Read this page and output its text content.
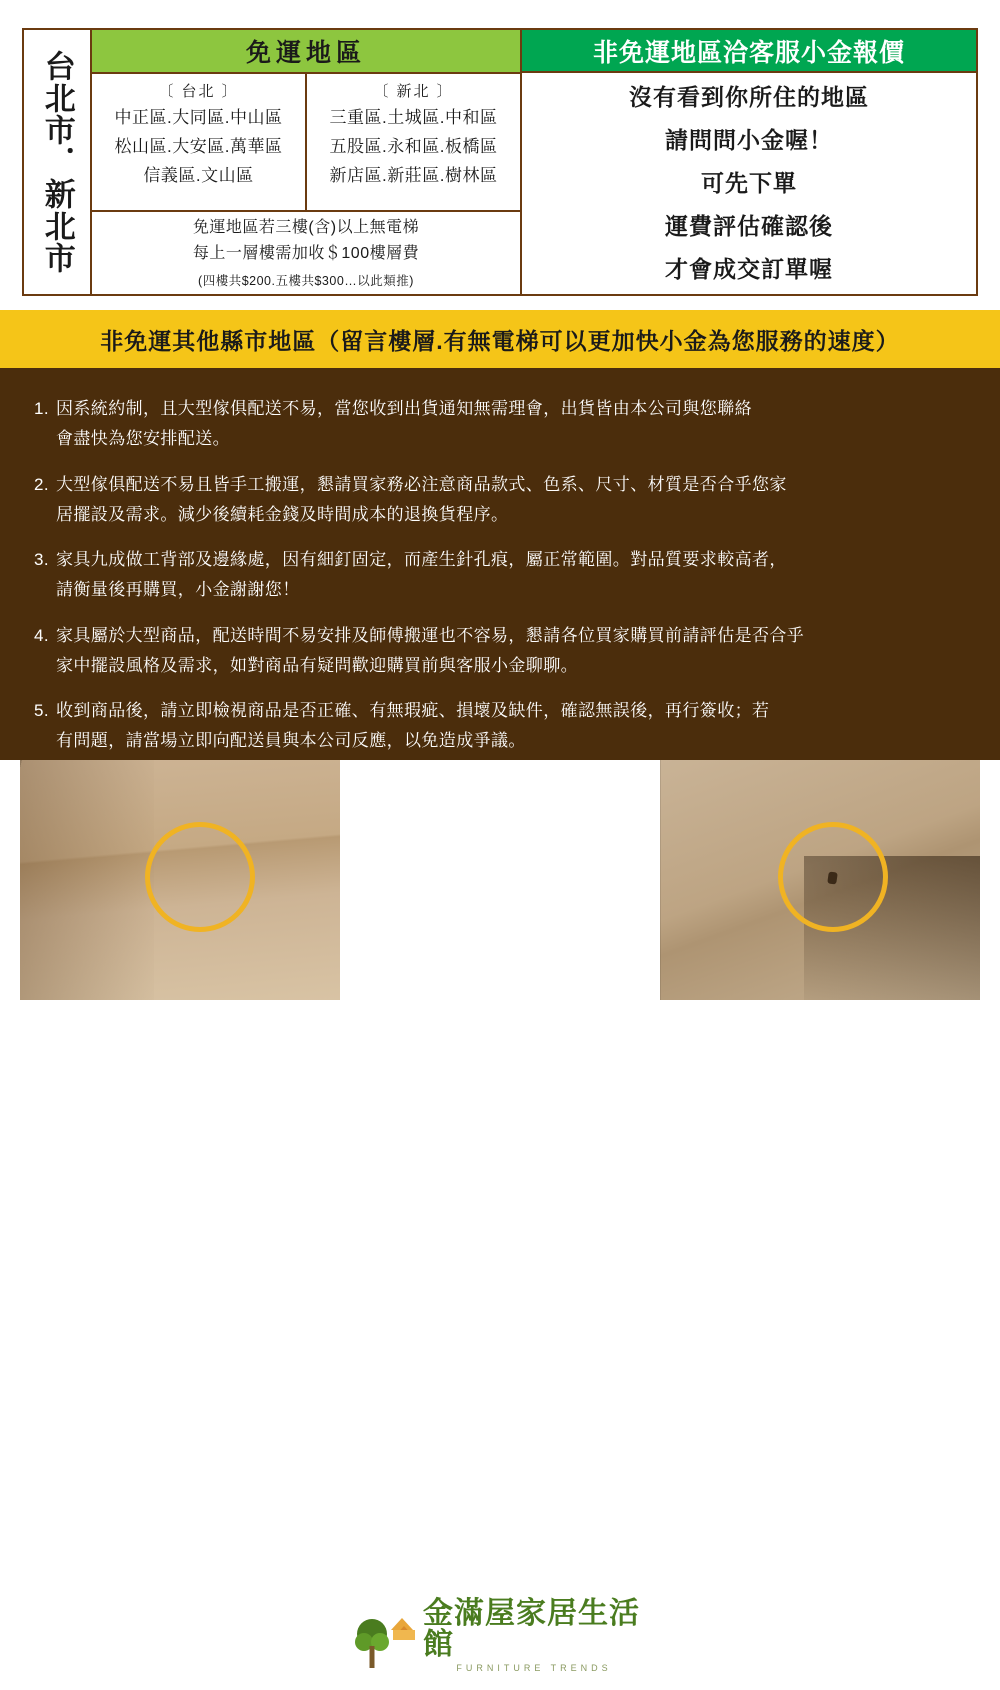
台北市．新北市	免運地區
〔 台北 〕
中正區.大同區.中山區
松山區.大安區.萬華區
信義區.文山區
〔 新北 〕
三重區.土城區.中和區
五股區.永和區.板橋區
新店區.新莊區.樹林區
免運地區若三樓(含)以上無電梯
每上一層樓需加收＄100樓層費
(四樓共$200.五樓共$300…以此類推)
非免運地區洽客服小金報價
沒有看到你所住的地區
請問問小金喔！
可先下單
運費評估確認後
才會成交訂單喔
非免運其他縣市地區（留言樓層.有無電梯可以更加快小金為您服務的速度）
1. 因系統約制，且大型傢俱配送不易，當您收到出貨通知無需理會，出貨皆由本公司與您聯絡
會盡快為您安排配送。
2. 大型傢俱配送不易且皆手工搬運，懇請買家務必注意商品款式、色系、尺寸、材質是否合乎您家
居擺設及需求。減少後續耗金錢及時間成本的退換貨程序。
3. 家具九成做工背部及邊緣處，因有細釘固定，而產生針孔痕，屬正常範圍。對品質要求較高者，
請衡量後再購買，小金謝謝您！
4. 家具屬於大型商品，配送時間不易安排及師傅搬運也不容易，懇請各位買家購買前請評估是否合乎
家中擺設風格及需求，如對商品有疑問歡迎購買前與客服小金聊聊。
5. 收到商品後，請立即檢視商品是否正確、有無瑕疵、損壞及缺件，確認無誤後，再行簽收；若
有問題，請當場立即向配送員與本公司反應，以免造成爭議。
金滿屋家居生活館
FURNITURE TRENDS
